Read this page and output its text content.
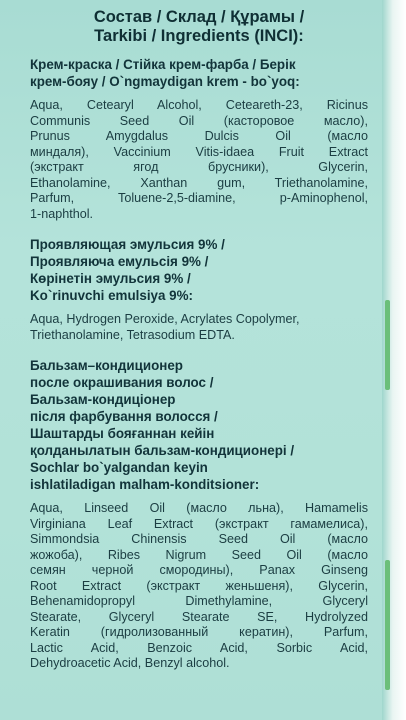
Состав / Склад / Құрамы /
Tarkibi / Ingredients (INCI):
Крем-краска / Стійка крем-фарба / Берік
крем-бояу / O`ngmaydigan krem - bo`yoq:
Aqua, Cetearyl Alcohol, Ceteareth-23, Ricinus
Communis Seed Oil (касторовое масло),
Prunus Amygdalus Dulcis Oil (масло
миндаля), Vaccinium Vitis-idaea Fruit Extract
(экстракт ягод брусники), Glycerin,
Ethanolamine, Xanthan gum, Triethanolamine,
Parfum, Toluene-2,5-diamine, p-Aminophenol,
1-naphthol.
Проявляющая эмульсия 9% /
Проявляюча емульсія 9% /
Көрінетін эмульсия 9% /
Ko`rinuvchi emulsiya 9%:
Aqua, Hydrogen Peroxide, Acrylates Copolymer,
Triethanolamine, Tetrasodium EDTA.
Бальзам–кондиционер
после окрашивания волос /
Бальзам-кондиціонер
після фарбування волосся /
Шаштарды бояғаннан кейін
қолданылатын бальзам-кондиционері /
Sochlar bo`yalgandan keyin
ishlatiladigan malham-konditsioner:
Aqua, Linseed Oil (масло льна), Hamamelis
Virginiana Leaf Extract (экстракт гамамелиса),
Simmondsia Chinensis Seed Oil (масло
жожоба), Ribes Nigrum Seed Oil (масло
семян черной смородины), Panax Ginseng
Root Extract (экстракт женьшеня), Glycerin,
Behenamidopropyl Dimethylamine, Glyceryl
Stearate, Glyceryl Stearate SE, Hydrolyzed
Keratin (гидролизованный кератин), Parfum,
Lactic Acid, Benzoic Acid, Sorbic Acid,
Dehydroacetic Acid, Benzyl alcohol.
